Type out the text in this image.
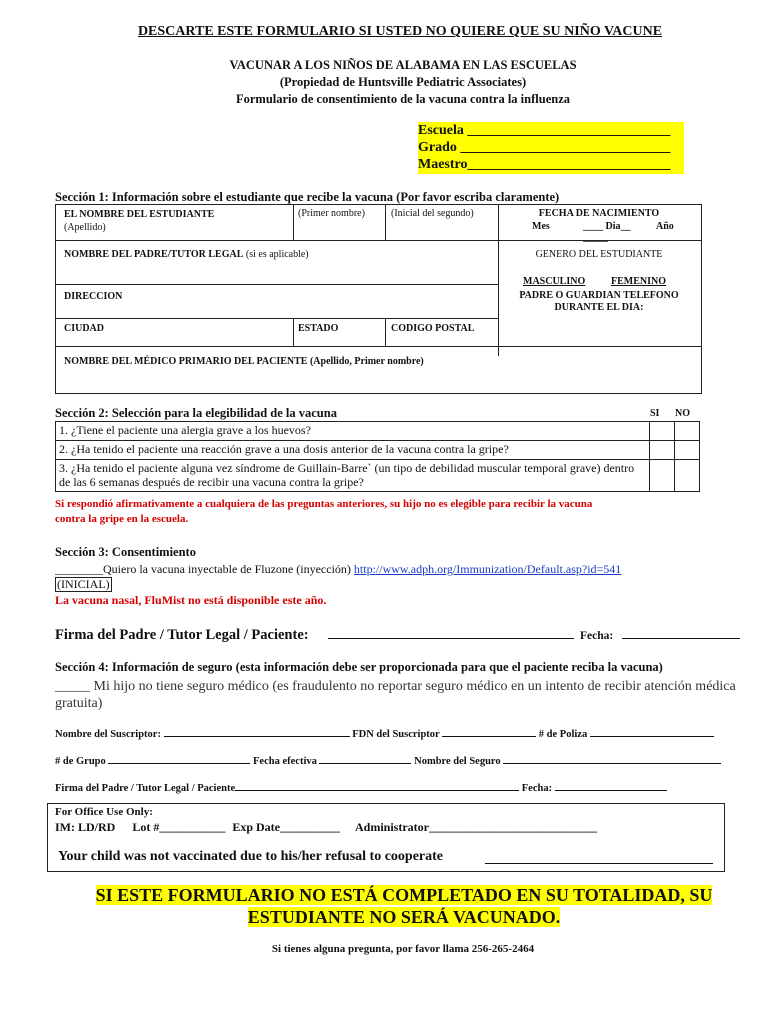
DESCARTE ESTE FORMULARIO SI USTED NO QUIERE QUE SU NIÑO VACUNE
VACUNAR A LOS NIÑOS DE ALABAMA EN LAS ESCUELAS
(Propiedad de Huntsville Pediatric Associates)
Formulario de consentimiento de la vacuna contra la influenza
Escuela _____________________________
Grado ______________________________
Maestro_____________________________
Sección 1: Información sobre el estudiante que recibe la vacuna (Por favor escriba claramente)
EL NOMBRE DEL ESTUDIANTE
(Apellido)
(Primer nombre)	(Inicial del segundo)	FECHA DE NACIMIENTO
Mes	____ Dia__	Año
_____
NOMBRE DEL PADRE/TUTOR LEGAL (si es aplicable)	GENERO DEL ESTUDIANTE
MASCULINO	FEMENINO
PADRE O GUARDIAN TELEFONO DURANTE EL DIA:
DIRECCION
CIUDAD	ESTADO	CODIGO POSTAL
NOMBRE DEL MÉDICO PRIMARIO DEL PACIENTE (Apellido, Primer nombre)
Sección 2: Selección para la elegibilidad de la vacuna	SI NO
1. ¿Tiene el paciente una alergia grave a los huevos?		
2. ¿Ha tenido el paciente una reacción grave a una dosis anterior de la vacuna contra la gripe?		
3. ¿Ha tenido el paciente alguna vez síndrome de Guillain-Barre` (un tipo de debilidad muscular temporal grave) dentro de las 6 semanas después de recibir una vacuna contra la gripe?		
Si respondió afirmativamente a cualquiera de las preguntas anteriores, su hijo no es elegible para recibir la vacuna contra la gripe en la escuela.
Sección 3: Consentimiento
________Quiero la vacuna inyectable de Fluzone (inyección) http://www.adph.org/Immunization/Default.asp?id=541
(INICIAL)
La vacuna nasal, FluMist no está disponible este año.
Firma del Padre / Tutor Legal / Paciente:	Fecha:
Sección 4: Información de seguro (esta información debe ser proporcionada para que el paciente reciba la vacuna)
_____ Mi hijo no tiene seguro médico (es fraudulento no reportar seguro médico en un intento de recibir atención médica gratuita)
Nombre del Suscriptor:	FDN del Suscriptor	# de Poliza
# de Grupo	Fecha efectiva	Nombre del Seguro
Firma del Padre / Tutor Legal / Paciente	Fecha:
For Office Use Only:
IM: LD/RD Lot #___________ Exp Date__________ Administrator____________________________
Your child was not vaccinated due to his/her refusal to cooperate
SI ESTE FORMULARIO NO ESTÁ COMPLETADO EN SU TOTALIDAD, SU ESTUDIANTE NO SERÁ VACUNADO.
Si tienes alguna pregunta, por favor llama 256-265-2464
